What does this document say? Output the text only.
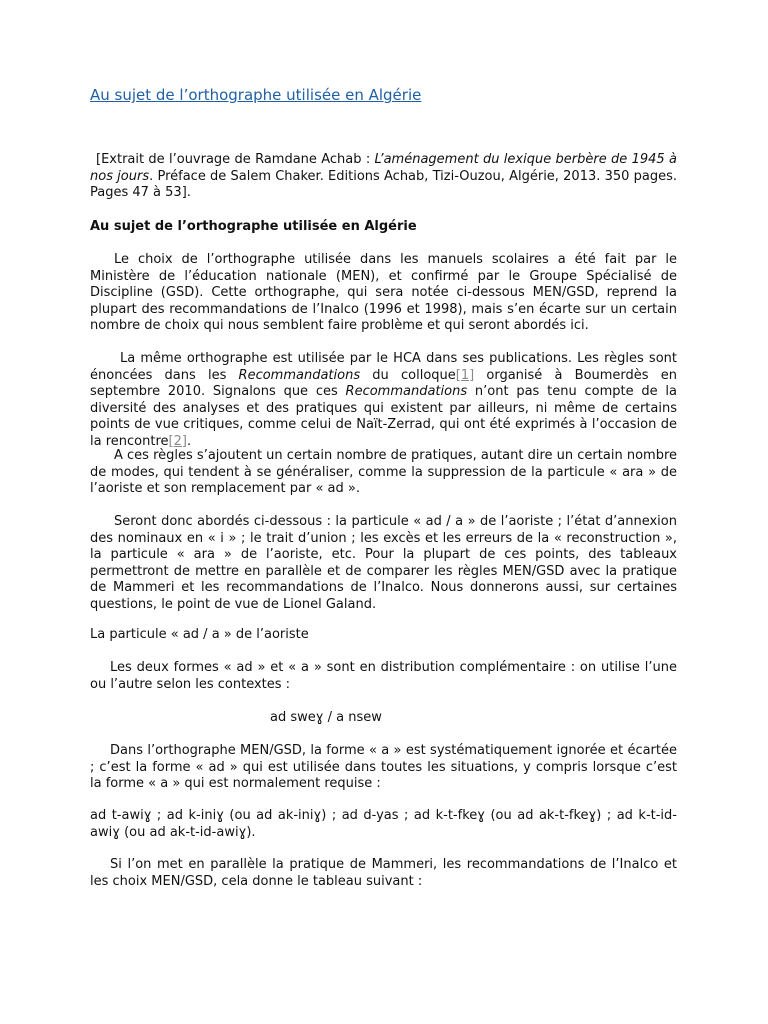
Au sujet de l’orthographe utilisée en Algérie
[Extrait de l’ouvrage de Ramdane Achab : L’aménagement du lexique berbère de 1945 à nos jours. Préface de Salem Chaker. Editions Achab, Tizi-Ouzou, Algérie, 2013. 350 pages. Pages 47 à 53].
Au sujet de l’orthographe utilisée en Algérie
Le choix de l’orthographe utilisée dans les manuels scolaires a été fait par le Ministère de l’éducation nationale (MEN), et confirmé par le Groupe Spécialisé de Discipline (GSD). Cette orthographe, qui sera notée ci-dessous MEN/GSD, reprend la plupart des recommandations de l’Inalco (1996 et 1998), mais s’en écarte sur un certain nombre de choix qui nous semblent faire problème et qui seront abordés ici.
La même orthographe est utilisée par le HCA dans ses publications. Les règles sont énoncées dans les Recommandations du colloque[1] organisé à Boumerdès en septembre 2010. Signalons que ces Recommandations n’ont pas tenu compte de la diversité des analyses et des pratiques qui existent par ailleurs, ni même de certains points de vue critiques, comme celui de Naït-Zerrad, qui ont été exprimés à l’occasion de la rencontre[2].
A ces règles s’ajoutent un certain nombre de pratiques, autant dire un certain nombre de modes, qui tendent à se généraliser, comme la suppression de la particule « ara » de l’aoriste et son remplacement par « ad ».
Seront donc abordés ci-dessous : la particule « ad / a » de l’aoriste ; l’état d’annexion des nominaux en « i » ; le trait d’union ; les excès et les erreurs de la « reconstruction », la particule « ara » de l’aoriste, etc. Pour la plupart de ces points, des tableaux permettront de mettre en parallèle et de comparer les règles MEN/GSD avec la pratique de Mammeri et les recommandations de l’Inalco. Nous donnerons aussi, sur certaines questions, le point de vue de Lionel Galand.
La particule « ad / a » de l’aoriste
Les deux formes « ad » et « a » sont en distribution complémentaire : on utilise l’une ou l’autre selon les contextes :
ad sweɣ / a nsew
Dans l’orthographe MEN/GSD, la forme « a » est systématiquement ignorée et écartée ; c’est la forme « ad » qui est utilisée dans toutes les situations, y compris lorsque c’est la forme « a » qui est normalement requise :
ad t-awiɣ ; ad k-iniɣ (ou ad ak-iniɣ) ; ad d-yas ; ad k-t-fkeɣ (ou ad ak-t-fkeɣ) ; ad k-t-id-awiɣ (ou ad ak-t-id-awiɣ).
Si l’on met en parallèle la pratique de Mammeri, les recommandations de l’Inalco et les choix MEN/GSD, cela donne le tableau suivant :
